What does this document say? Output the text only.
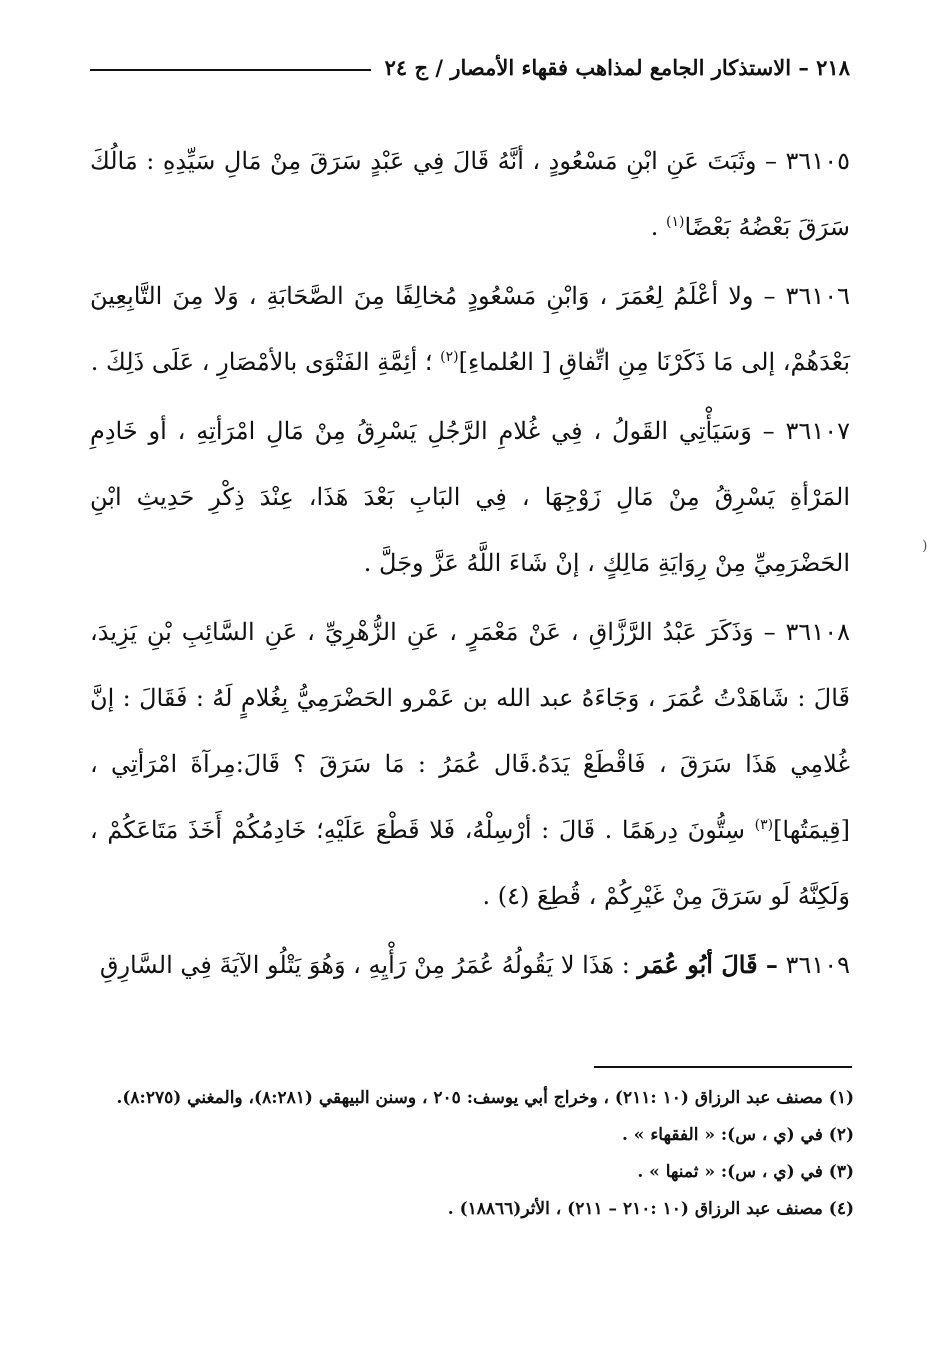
٢١٨ – الاستذكار الجامع لمذاهب فقهاء الأمصار / ج ٢٤

٣٦١٠٥ – وثَبَتَ عَنِ ابْنِ مَسْعُودٍ ، أنَّهُ قَالَ فِي عَبْدٍ سَرَقَ مِنْ مَالِ سَيِّدِهِ : مَالُكَ سَرَقَ بَعْضُهُ بَعْضًا$^{(١)}$ .

٣٦١٠٦ – ولا أعْلَمُ لِعُمَرَ ، وَابْنِ مَسْعُودٍ مُخالِفًا مِنَ الصَّحَابَةِ ، وَلا مِنَ التَّابِعِينَ بَعْدَهُمْ، إلى مَا ذَكَرْنَا مِنِ اتِّفاقِ [ العُلماءِ]$^{(٢)}$ ؛ أئِمَّةِ الفَتْوَى بالأمْصَارِ ، عَلَى ذَلِكَ .

٣٦١٠٧ – وَسَيَأْتِي القَولُ ، فِي غُلامِ الرَّجُلِ يَسْرِقُ مِنْ مَالِ امْرَأتِهِ ، أو خَادِمِ المَرْأةِ يَسْرِقُ مِنْ مَالِ زَوْجِهَا ، فِي البَابِ بَعْدَ هَذَا، عِنْدَ ذِكْرِ حَدِيثِ ابْنِ الحَضْرَمِيِّ مِنْ رِوَايَةِ مَالِكٍ ، إنْ شَاءَ اللَّهُ عَزَّ وجَلَّ .

٣٦١٠٨ – وَذَكَرَ عَبْدُ الرَّزَّاقِ ، عَنْ مَعْمَرٍ ، عَنِ الزُّهْرِيِّ ، عَنِ السَّائِبِ بْنِ يَزِيدَ، قَالَ : شَاهَدْتُ عُمَرَ ، وَجَاءَهُ عبد الله بن عَمْرو الحَضْرَمِيُّ بِغُلامٍ لَهُ : فَقَالَ : إنَّ غُلامِي هَذَا سَرَقَ ، فَاقْطَعْ يَدَهُ.قَال عُمَرُ : مَا سَرَقَ ؟ قَالَ:مِرآةَ امْرَأتِي ، [قِيمَتُها]$^{(٣)}$ سِتُّونَ دِرهَمًا . قَالَ : أرْسِلْهُ، فَلا قَطْعَ عَلَيْهِ؛ خَادِمُكُمْ أَخَذَ مَتَاعَكُمْ ، وَلَكِنَّهُ لَو سَرَقَ مِنْ غَيْرِكُمْ ، قُطِعَ (٤) .

٣٦١٠٩ – قَالَ أبُو عُمَر : هَذَا لا يَقُولُهُ عُمَرُ مِنْ رَأْيِهِ ، وَهُوَ يَتْلُو الآيَةَ فِي السَّارِقِ

(١) مصنف عبد الرزاق (١٠ :٢١١) ، وخراج أبي يوسف: ٢٠٥ ، وسنن البيهقي (٨:٢٨١)، والمغني (٨:٢٧٥).

(٢) في (ي ، س): « الفقهاء » .

(٣) في (ي ، س): « ثمنها » .

(٤) مصنف عبد الرزاق (١٠ :٢١٠ – ٢١١) ، الأثر(١٨٨٦٦) .

(
